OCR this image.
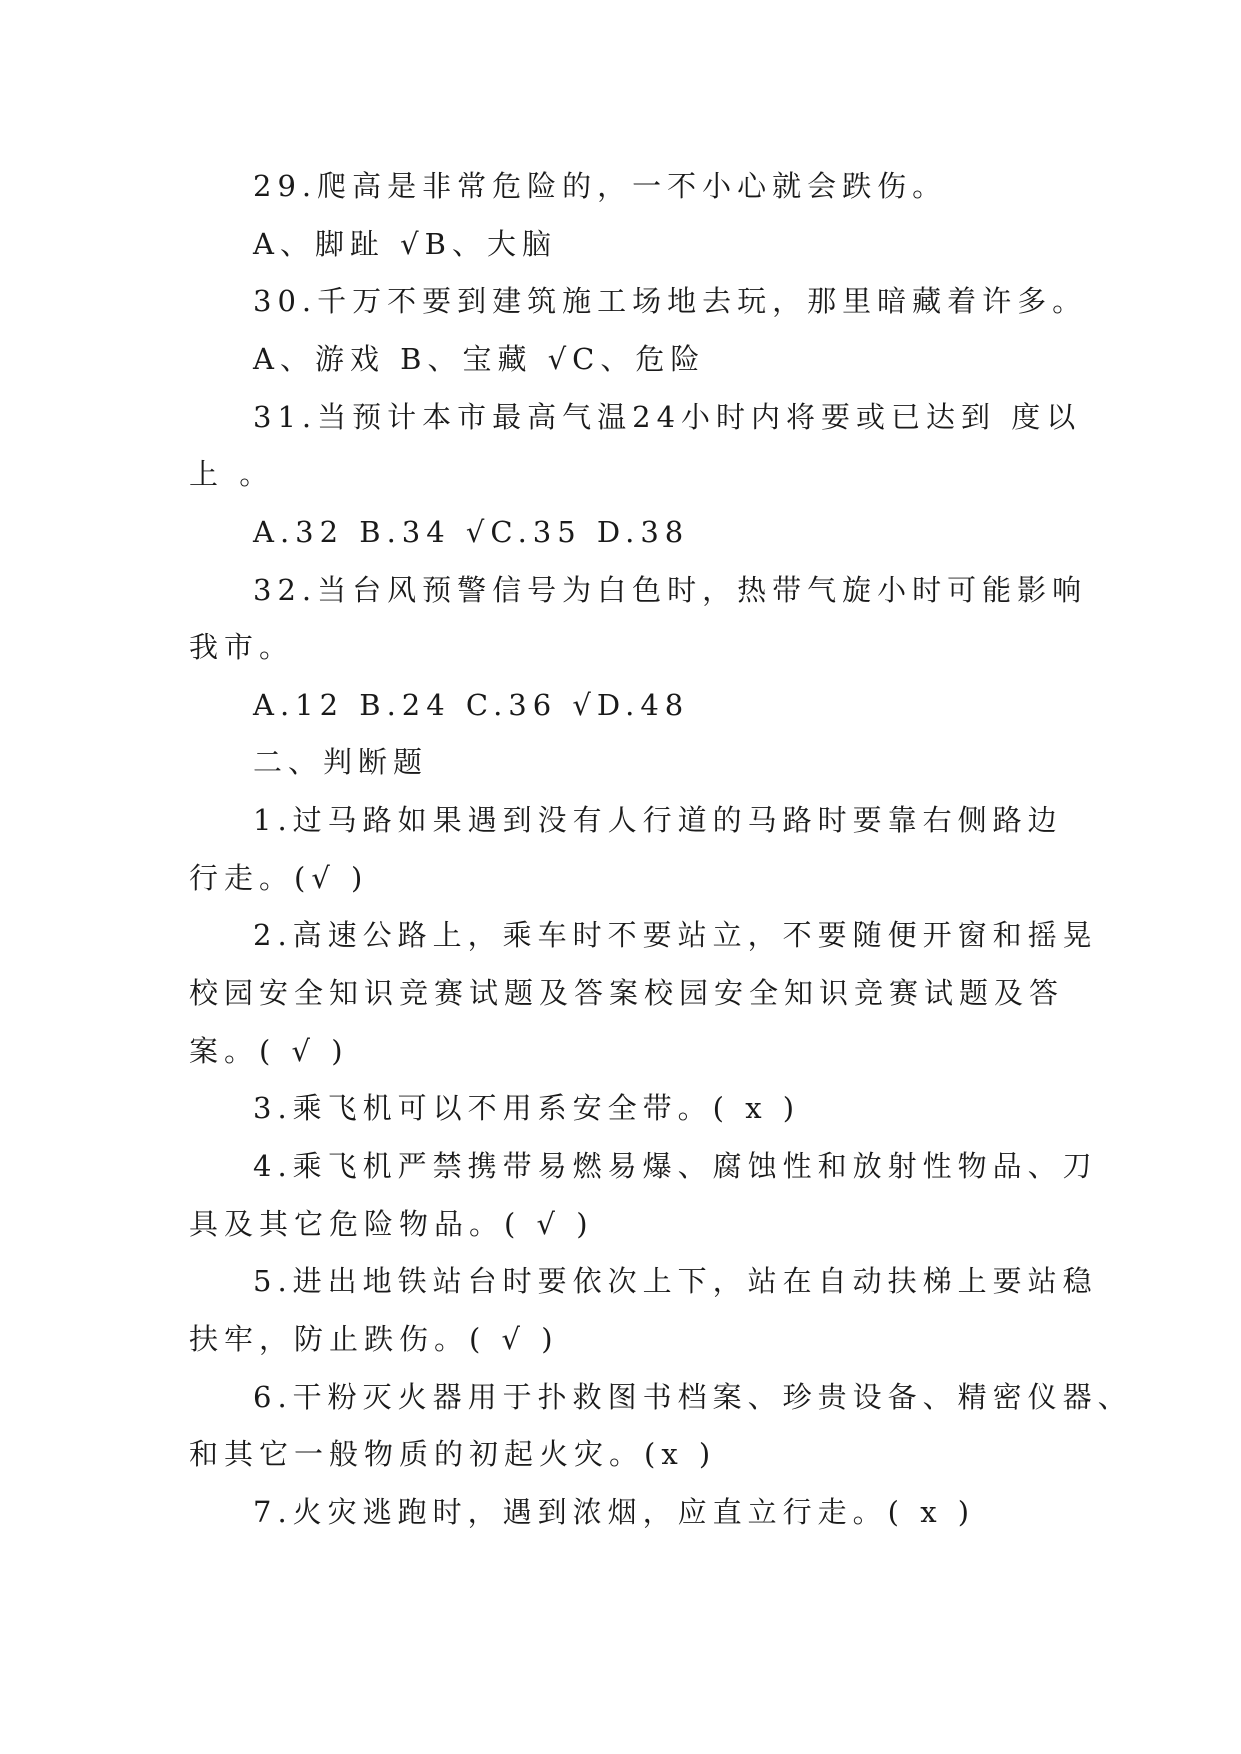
29.爬高是非常危险的，一不小心就会跌伤。
A、脚趾 √B、大脑
30.千万不要到建筑施工场地去玩，那里暗藏着许多。
A、游戏 B、宝藏 √C、危险
31.当预计本市最高气温24小时内将要或已达到 度以
上 。
A.32 B.34 √C.35 D.38
32.当台风预警信号为白色时，热带气旋小时可能影响
我市。
A.12 B.24 C.36 √D.48
二、判断题
1.过马路如果遇到没有人行道的马路时要靠右侧路边
行走。(√ )
2.高速公路上，乘车时不要站立，不要随便开窗和摇晃
校园安全知识竞赛试题及答案校园安全知识竞赛试题及答
案。( √ )
3.乘飞机可以不用系安全带。( x )
4.乘飞机严禁携带易燃易爆、腐蚀性和放射性物品、刀
具及其它危险物品。( √ )
5.进出地铁站台时要依次上下，站在自动扶梯上要站稳
扶牢，防止跌伤。( √ )
6.干粉灭火器用于扑救图书档案、珍贵设备、精密仪器、
和其它一般物质的初起火灾。(x )
7.火灾逃跑时，遇到浓烟，应直立行走。( x )
